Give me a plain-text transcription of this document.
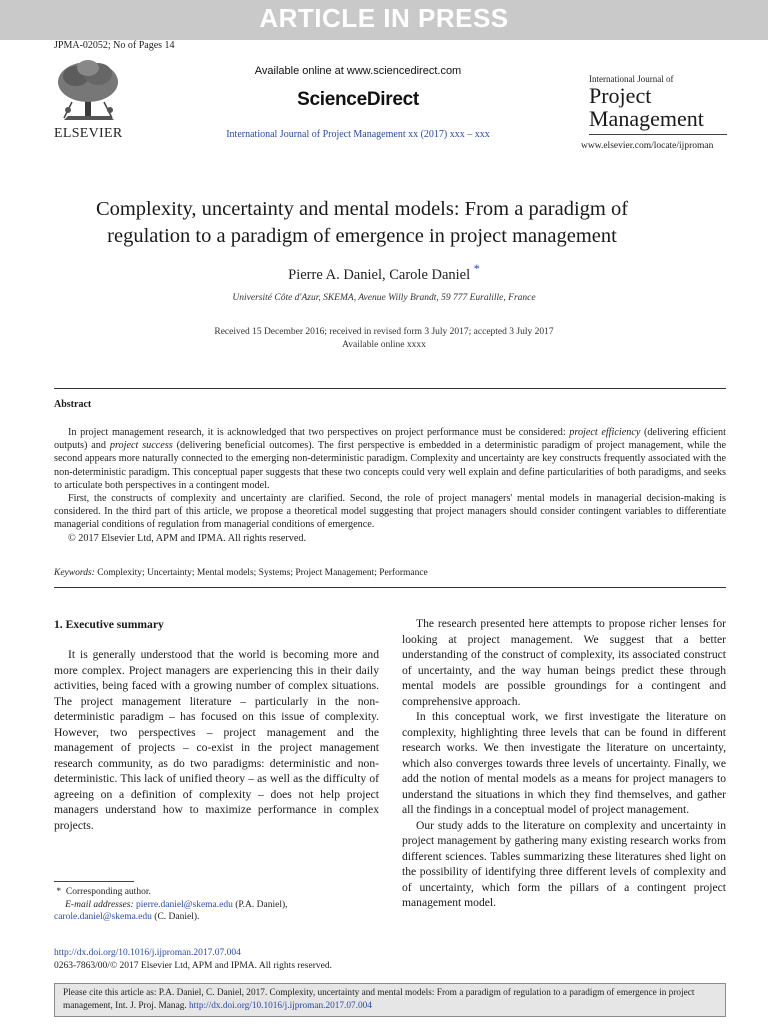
ARTICLE IN PRESS
JPMA-02052; No of Pages 14
ELSEVIER
Available online at www.sciencedirect.com
ScienceDirect
International Journal of Project Management xx (2017) xxx – xxx
International Journal of
Project
Management
www.elsevier.com/locate/ijproman
Complexity, uncertainty and mental models: From a paradigm of
regulation to a paradigm of emergence in project management
Pierre A. Daniel, Carole Daniel *
Université Côte d'Azur, SKEMA, Avenue Willy Brandt, 59 777 Euralille, France
Received 15 December 2016; received in revised form 3 July 2017; accepted 3 July 2017
Available online xxxx
Abstract

In project management research, it is acknowledged that two perspectives on project performance must be considered: project efficiency (delivering efficient outputs) and project success (delivering beneficial outcomes). The first perspective is embedded in a deterministic paradigm of project management, while the second appears more naturally connected to the emerging non-deterministic paradigm. Complexity and uncertainty are key constructs frequently associated with the non-deterministic paradigm. This conceptual paper suggests that these two concepts could very well explain and define particularities of both paradigms, and seeks to articulate both perspectives in a contingent model.

First, the constructs of complexity and uncertainty are clarified. Second, the role of project managers' mental models in managerial decision-making is considered. In the third part of this article, we propose a theoretical model suggesting that project managers should consider contingent variables to differentiate managerial conditions of regulation from managerial conditions of emergence.

© 2017 Elsevier Ltd, APM and IPMA. All rights reserved.

Keywords: Complexity; Uncertainty; Mental models; Systems; Project Management; Performance
1. Executive summary

It is generally understood that the world is becoming more and more complex. Project managers are experiencing this in their daily activities, being faced with a growing number of complex situations. The project management literature – particularly in the non-deterministic paradigm – has focused on this issue of complexity. However, two perspectives – project management and the management of projects – co-exist in the project management research community, as do two paradigms: deterministic and non-deterministic. This lack of unified theory – as well as the difficulty of agreeing on a definition of complexity – does not help project managers understand how to maximize performance in complex projects.

The research presented here attempts to propose richer lenses for looking at project management. We suggest that a better understanding of the construct of complexity, its associated construct of uncertainty, and the way human beings predict these through mental models are possible groundings for a contingent and comprehensive approach.

In this conceptual work, we first investigate the literature on complexity, highlighting three levels that can be found in different research works. We then investigate the literature on uncertainty, which also converges towards three levels of uncertainty. Finally, we add the notion of mental models as a means for project managers to understand the situations in which they find themselves, and gather all the findings in a conceptual model of project management.

Our study adds to the literature on complexity and uncertainty in project management by gathering many existing research works from different sciences. Tables summarizing these literatures shed light on the possibility of identifying three different levels of complexity and of uncertainty, which form the pillars of a contingent project management model.

* Corresponding author.
E-mail addresses: pierre.daniel@skema.edu (P.A. Daniel),
carole.daniel@skema.edu (C. Daniel).
http://dx.doi.org/10.1016/j.ijproman.2017.07.004
0263-7863/00/© 2017 Elsevier Ltd, APM and IPMA. All rights reserved.
Please cite this article as: P.A. Daniel, C. Daniel, 2017. Complexity, uncertainty and mental models: From a paradigm of regulation to a paradigm of emergence in project management, Int. J. Proj. Manag. http://dx.doi.org/10.1016/j.ijproman.2017.07.004
